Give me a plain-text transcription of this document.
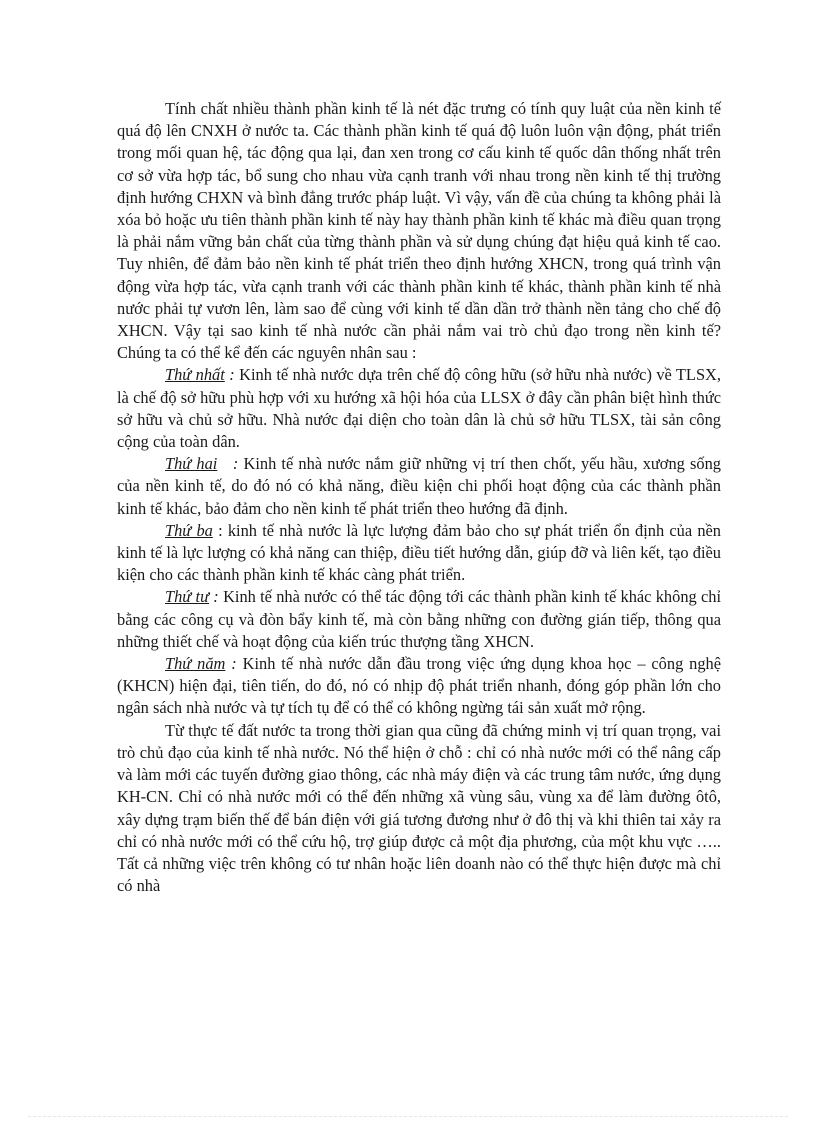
Tính chất nhiều thành phần kinh tế là nét đặc trưng có tính quy luật của nền kinh tế quá độ lên CNXH ở nước ta. Các thành phần kinh tế quá độ luôn luôn vận động, phát triển trong mối quan hệ, tác động qua lại, đan xen trong cơ cấu kinh tế quốc dân thống nhất trên cơ sở vừa hợp tác, bổ sung cho nhau vừa cạnh tranh với nhau trong nền kinh tế thị trường định hướng CHXN và bình đẳng trước pháp luật. Vì vậy, vấn đề của chúng ta không phải là xóa bỏ hoặc ưu tiên thành phần kinh tế này hay thành phần kinh tế khác mà điều quan trọng là phải nắm vững bản chất của từng thành phần và sử dụng chúng đạt hiệu quả kinh tế cao. Tuy nhiên, để đảm bảo nền kinh tế phát triển theo định hướng XHCN, trong quá trình vận động vừa hợp tác, vừa cạnh tranh với các thành phần kinh tế khác, thành phần kinh tế nhà nước phải tự vươn lên, làm sao để cùng với kinh tế dần dần trở thành nền tảng cho chế độ XHCN. Vậy tại sao kinh tế nhà nước cần phải nắm vai trò chủ đạo trong nền kinh tế? Chúng ta có thể kể đến các nguyên nhân sau :

Thứ nhất : Kinh tế nhà nước dựa trên chế độ công hữu (sở hữu nhà nước) về TLSX, là chế độ sở hữu phù hợp với xu hướng xã hội hóa của LLSX ở đây cần phân biệt hình thức sở hữu và chủ sở hữu. Nhà nước đại diện cho toàn dân là chủ sở hữu TLSX, tài sản công cộng của toàn dân.

Thứ hai   : Kinh tế nhà nước nắm giữ những vị trí then chốt, yếu hầu, xương sống của nền kinh tế, do đó nó có khả năng, điều kiện chi phối hoạt động của các thành phần kinh tế khác, bảo đảm cho nền kinh tế phát triển theo hướng đã định.

Thứ ba : kinh tế nhà nước là lực lượng đảm bảo cho sự phát triển ổn định của nền kinh tế là lực lượng có khả năng can thiệp, điều tiết hướng dẫn, giúp đỡ và liên kết, tạo điều kiện cho các thành phần kinh tế khác càng phát triển.

Thứ tư : Kinh tế nhà nước có thể tác động tới các thành phần kinh tế khác không chỉ bằng các công cụ và đòn bẩy kinh tế, mà còn bằng những con đường gián tiếp, thông qua những thiết chế và hoạt động của kiến trúc thượng tầng XHCN.

Thứ năm : Kinh tế nhà nước dẫn đầu trong việc ứng dụng khoa học – công nghệ (KHCN) hiện đại, tiên tiến, do đó, nó có nhịp độ phát triển nhanh, đóng góp phần lớn cho ngân sách nhà nước và tự tích tụ để có thể có không ngừng tái sản xuất mở rộng.

Từ thực tế đất nước ta trong thời gian qua cũng đã chứng minh vị trí quan trọng, vai trò chủ đạo của kinh tế nhà nước. Nó thể hiện ở chỗ : chỉ có nhà nước mới có thể nâng cấp và làm mới các tuyến đường giao thông, các nhà máy điện và các trung tâm nước, ứng dụng KH-CN. Chỉ có nhà nước mới có thể đến những xã vùng sâu, vùng xa để làm đường ôtô, xây dựng trạm biến thế để bán điện với giá tương đương như ở đô thị và khi thiên tai xảy ra chỉ có nhà nước mới có thể cứu hộ, trợ giúp được cả một địa phương, của một khu vực ….. Tất cả những việc trên không có tư nhân hoặc liên doanh nào có thể thực hiện được mà chỉ có nhà
